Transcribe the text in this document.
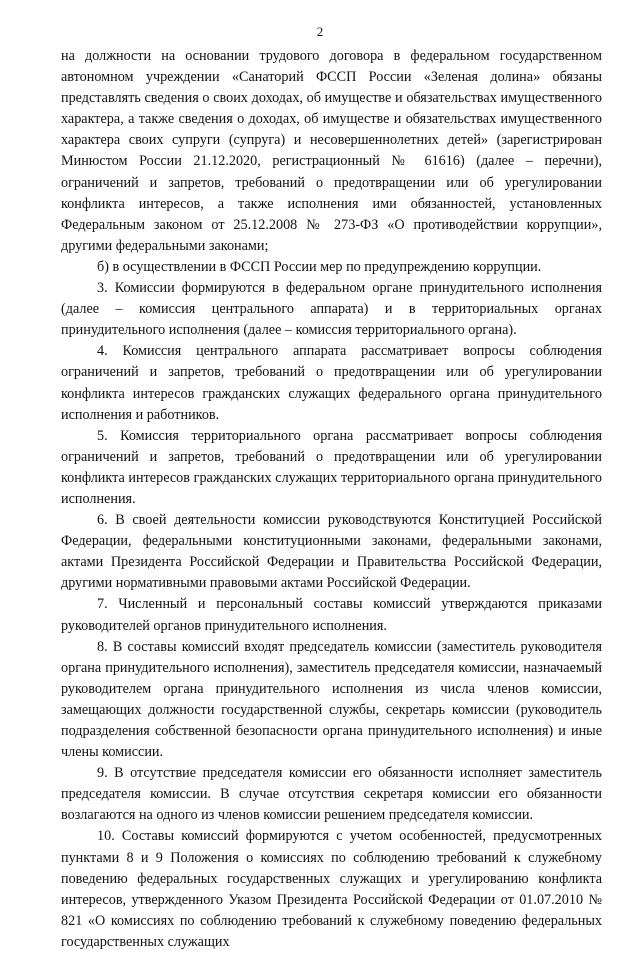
2

на должности на основании трудового договора в федеральном государственном автономном учреждении «Санаторий ФССП России «Зеленая долина» обязаны представлять сведения о своих доходах, об имуществе и обязательствах имущественного характера, а также сведения о доходах, об имуществе и обязательствах имущественного характера своих супруги (супруга) и несовершеннолетних детей» (зарегистрирован Минюстом России 21.12.2020, регистрационный № 61616) (далее – перечни), ограничений и запретов, требований о предотвращении или об урегулировании конфликта интересов, а также исполнения ими обязанностей, установленных Федеральным законом от 25.12.2008 № 273-ФЗ «О противодействии коррупции», другими федеральными законами;

б) в осуществлении в ФССП России мер по предупреждению коррупции.

3. Комиссии формируются в федеральном органе принудительного исполнения (далее – комиссия центрального аппарата) и в территориальных органах принудительного исполнения (далее – комиссия территориального органа).

4. Комиссия центрального аппарата рассматривает вопросы соблюдения ограничений и запретов, требований о предотвращении или об урегулировании конфликта интересов гражданских служащих федерального органа принудительного исполнения и работников.

5. Комиссия территориального органа рассматривает вопросы соблюдения ограничений и запретов, требований о предотвращении или об урегулировании конфликта интересов гражданских служащих территориального органа принудительного исполнения.

6. В своей деятельности комиссии руководствуются Конституцией Российской Федерации, федеральными конституционными законами, федеральными законами, актами Президента Российской Федерации и Правительства Российской Федерации, другими нормативными правовыми актами Российской Федерации.

7. Численный и персональный составы комиссий утверждаются приказами руководителей органов принудительного исполнения.

8. В составы комиссий входят председатель комиссии (заместитель руководителя органа принудительного исполнения), заместитель председателя комиссии, назначаемый руководителем органа принудительного исполнения из числа членов комиссии, замещающих должности государственной службы, секретарь комиссии (руководитель подразделения собственной безопасности органа принудительного исполнения) и иные члены комиссии.

9. В отсутствие председателя комиссии его обязанности исполняет заместитель председателя комиссии. В случае отсутствия секретаря комиссии его обязанности возлагаются на одного из членов комиссии решением председателя комиссии.

10. Составы комиссий формируются с учетом особенностей, предусмотренных пунктами 8 и 9 Положения о комиссиях по соблюдению требований к служебному поведению федеральных государственных служащих и урегулированию конфликта интересов, утвержденного Указом Президента Российской Федерации от 01.07.2010 № 821 «О комиссиях по соблюдению требований к служебному поведению федеральных государственных служащих
